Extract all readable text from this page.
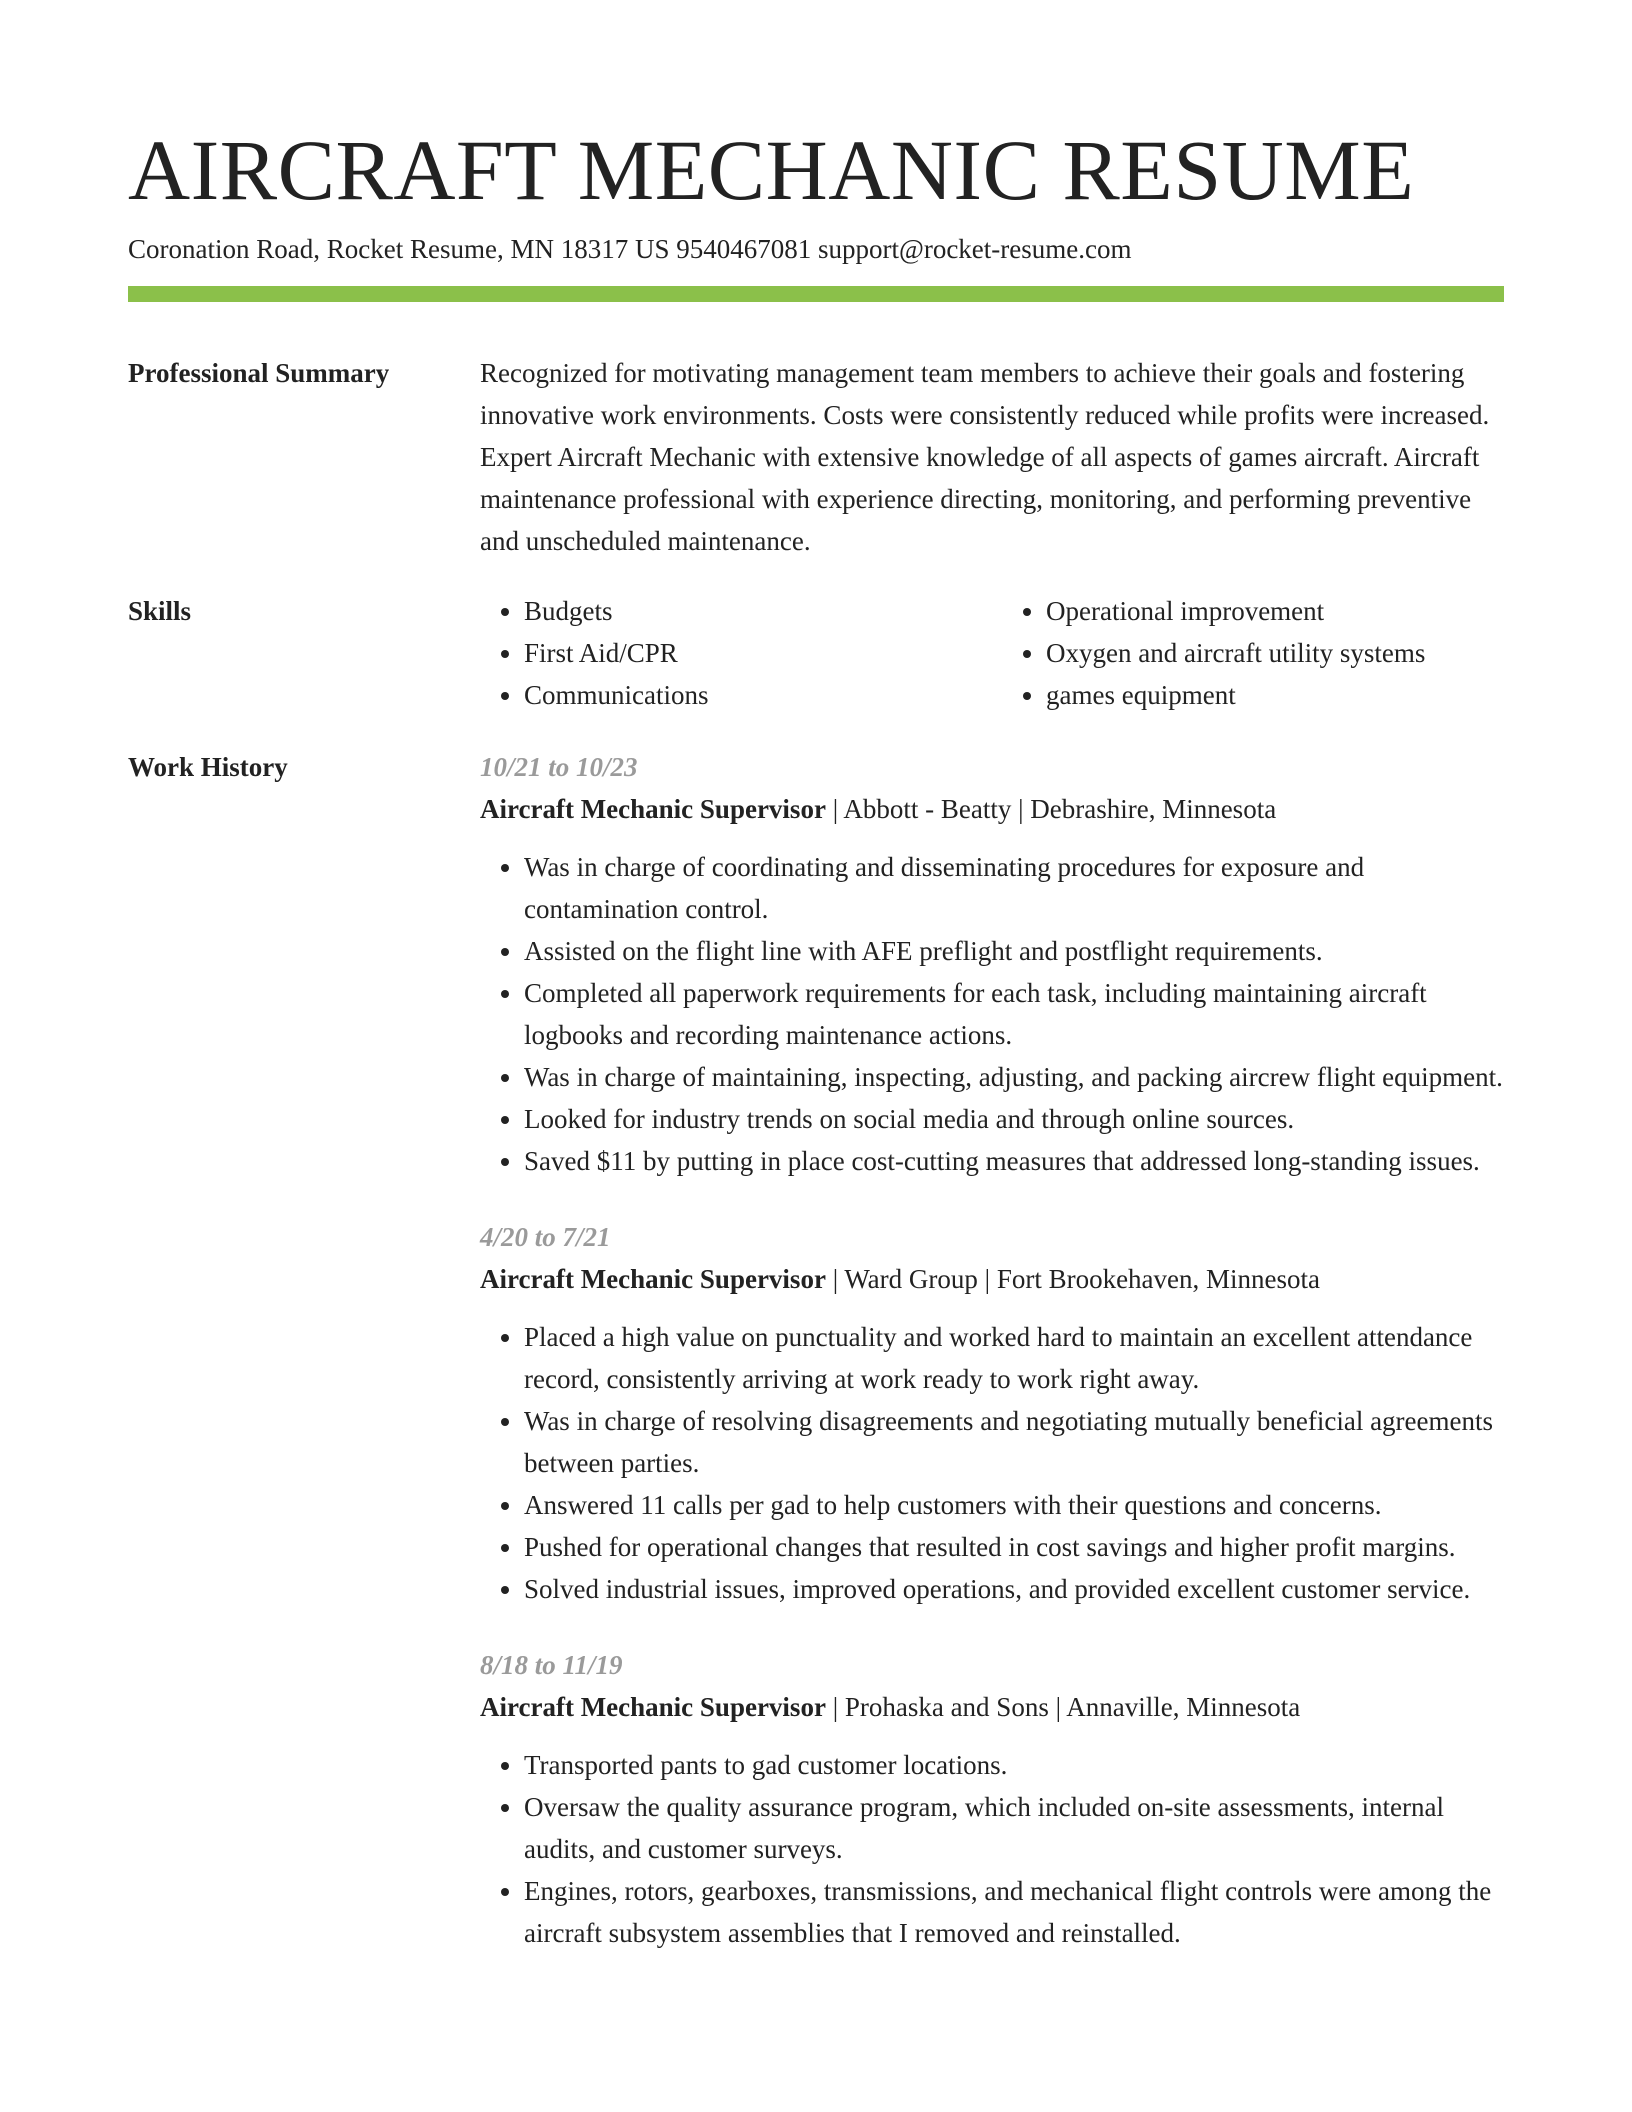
AIRCRAFT MECHANIC RESUME
Coronation Road, Rocket Resume, MN 18317 US 9540467081 support@rocket-resume.com
Professional Summary	Recognized for motivating management team members to achieve their goals and fostering innovative work environments. Costs were consistently reduced while profits were increased. Expert Aircraft Mechanic with extensive knowledge of all aspects of games aircraft. Aircraft maintenance professional with experience directing, monitoring, and performing preventive and unscheduled maintenance.

Skills
•	Budgets
• First Aid/CPR
• Communications
• Operational improvement
• Oxygen and aircraft utility systems
• games equipment
Work History	10/21 to 10/23
Aircraft Mechanic Supervisor | Abbott - Beatty | Debrashire, Minnesota
• Was in charge of coordinating and disseminating procedures for exposure and contamination control.
• Assisted on the flight line with AFE preflight and postflight requirements.
• Completed all paperwork requirements for each task, including maintaining aircraft logbooks and recording maintenance actions.
• Was in charge of maintaining, inspecting, adjusting, and packing aircrew flight equipment.
• Looked for industry trends on social media and through online sources.
• Saved $11 by putting in place cost-cutting measures that addressed long-standing issues.
4/20 to 7/21
Aircraft Mechanic Supervisor | Ward Group | Fort Brookehaven, Minnesota
• Placed a high value on punctuality and worked hard to maintain an excellent attendance record, consistently arriving at work ready to work right away.
• Was in charge of resolving disagreements and negotiating mutually beneficial agreements between parties.
• Answered 11 calls per gad to help customers with their questions and concerns.
• Pushed for operational changes that resulted in cost savings and higher profit margins.
• Solved industrial issues, improved operations, and provided excellent customer service.
8/18 to 11/19
Aircraft Mechanic Supervisor | Prohaska and Sons | Annaville, Minnesota
• Transported pants to gad customer locations.
• Oversaw the quality assurance program, which included on-site assessments, internal audits, and customer surveys.
• Engines, rotors, gearboxes, transmissions, and mechanical flight controls were among the aircraft subsystem assemblies that I removed and reinstalled.
